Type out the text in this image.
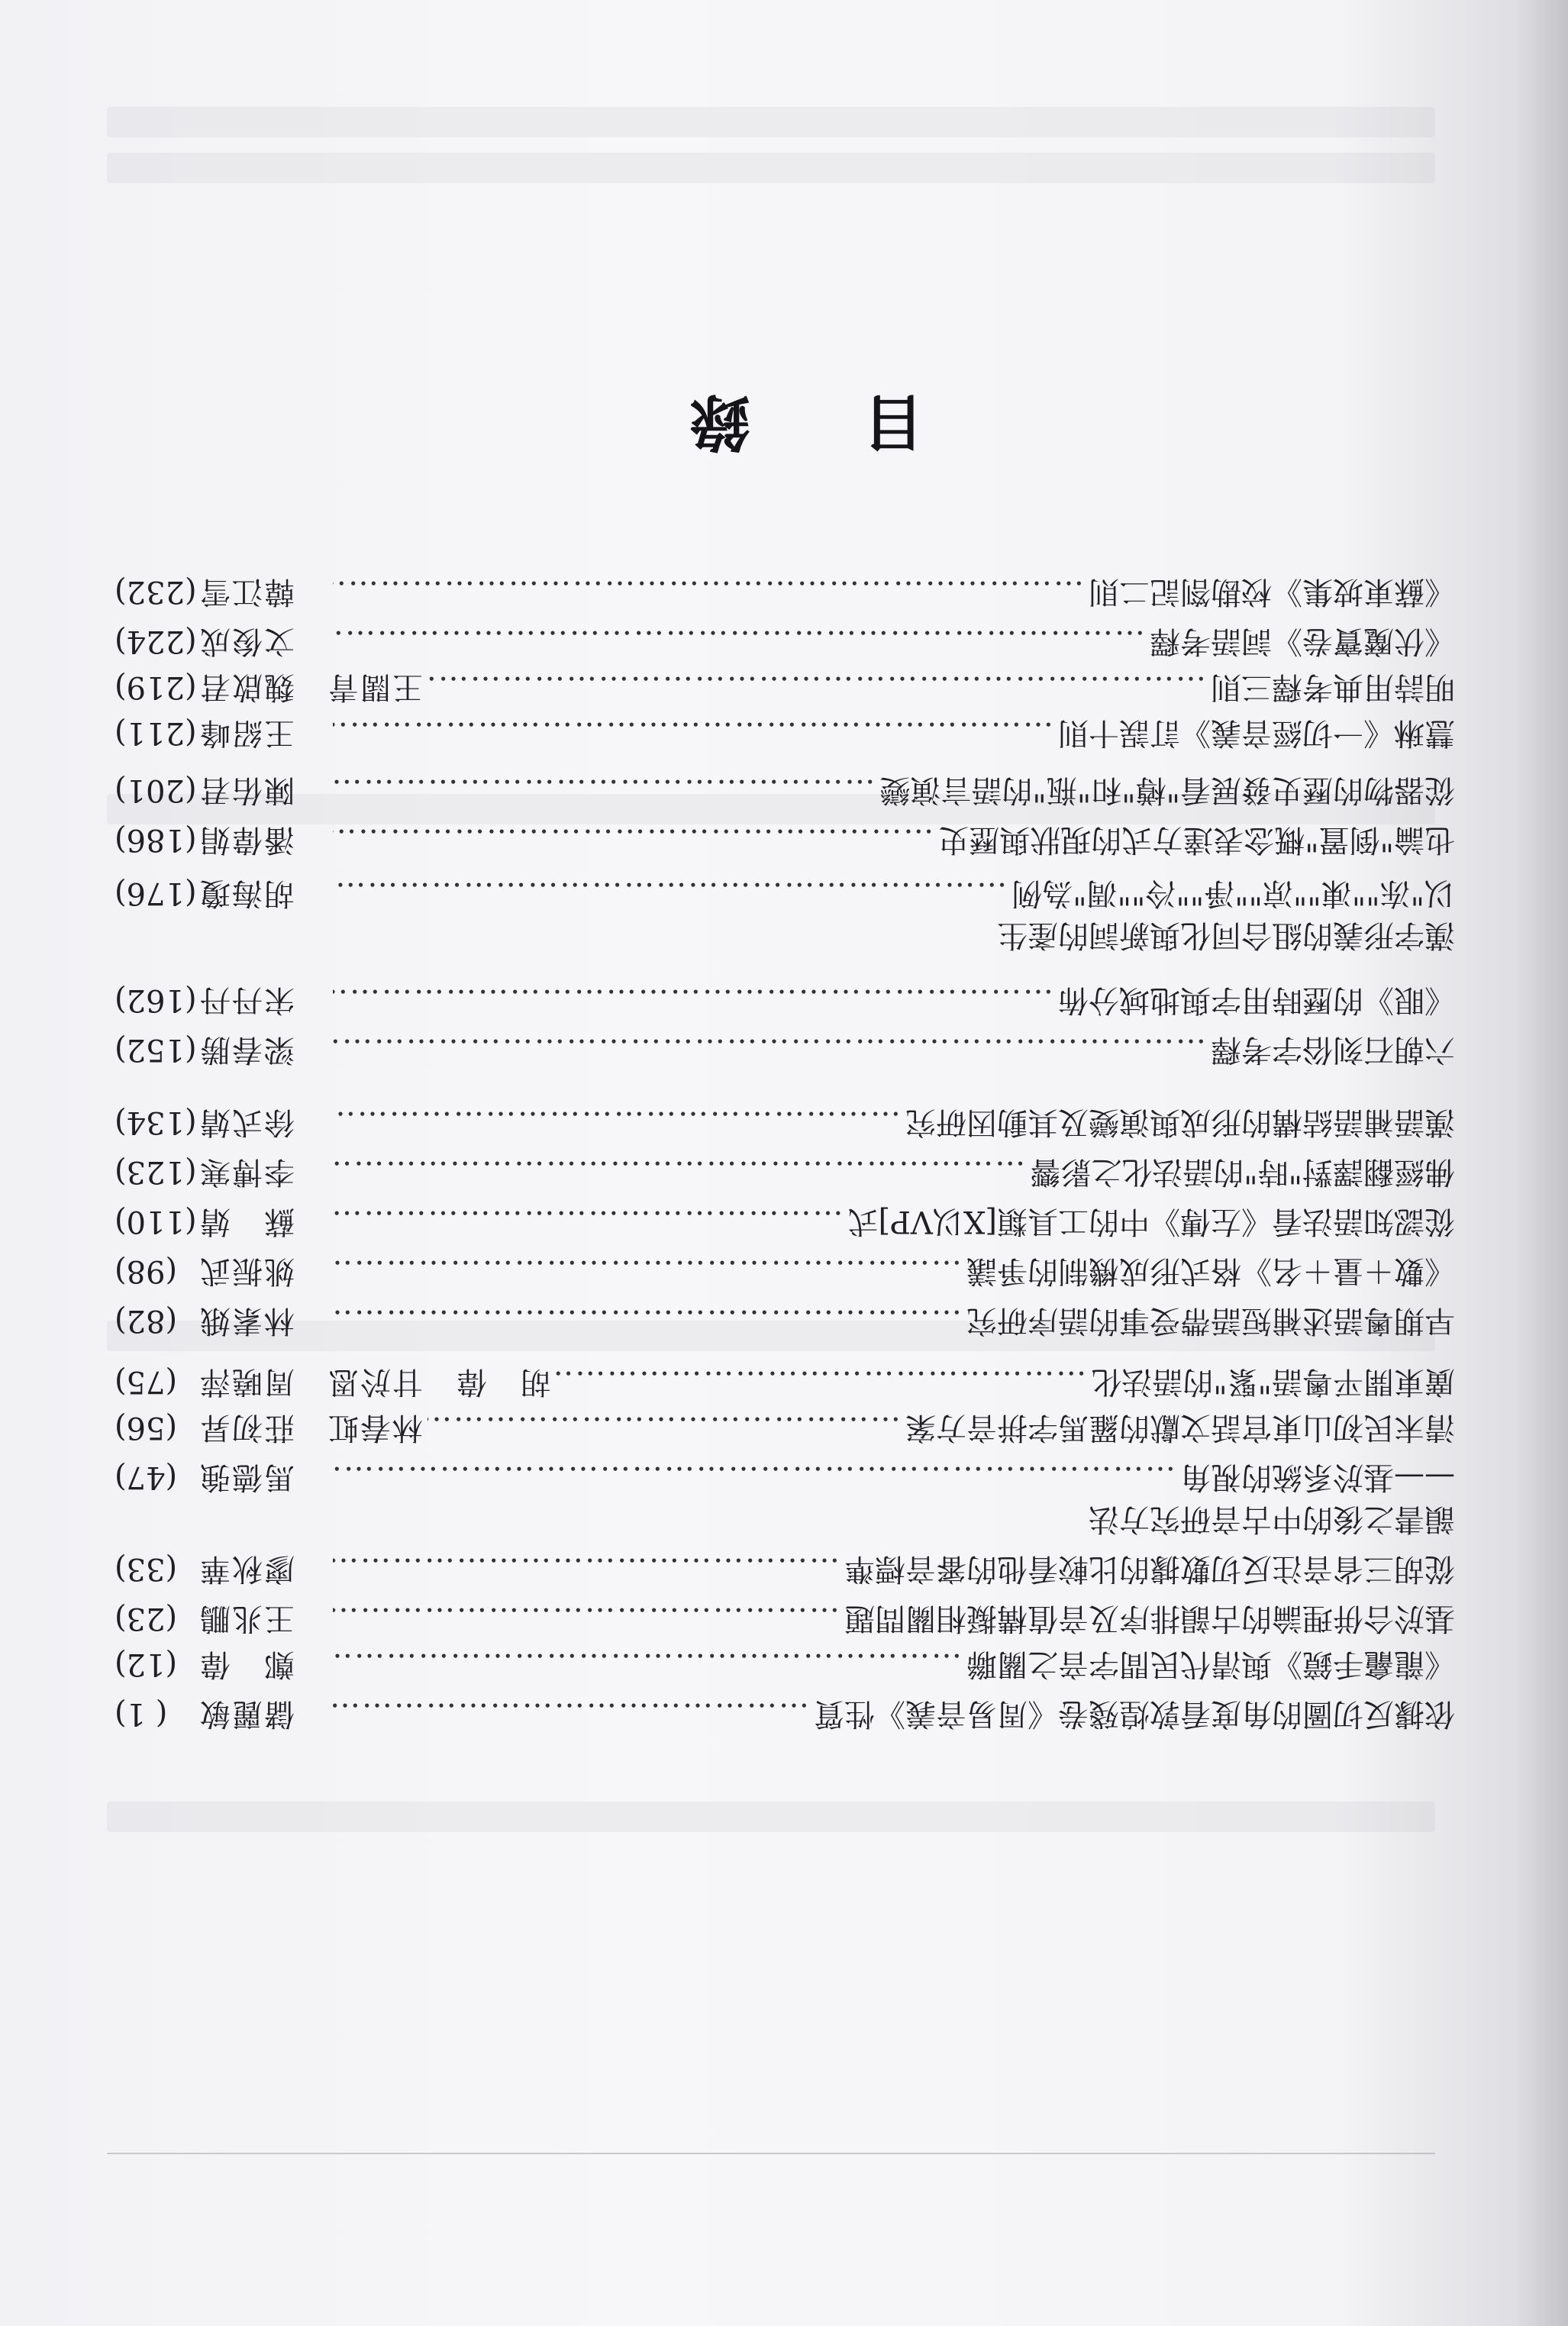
目 錄
依據反切圖的角度看敦煌殘卷《周易音義》性質
…………………………………………………………………………………………………………………………………………………………………………………………
儲麗敏
( 1)
《龍龕手鏡》與清代民間字音之關聯
…………………………………………………………………………………………………………………………………………………………………………………………
鄭　偉
(12)
基於合併理論的古韻排序及音值構擬相關問題
…………………………………………………………………………………………………………………………………………………………………………………………
王兆鵬
(23)
從胡三省音注反切數據的比較看他的審音標準
…………………………………………………………………………………………………………………………………………………………………………………………
廖秋華
(33)
韻書之後的中古音研究方法
——基於系統的視角
…………………………………………………………………………………………………………………………………………………………………………………………
馬德強
(47)
清末民初山東官話文獻的羅馬字拼音方案
…………………………………………………………………………………………………………………………………………………………………………………………
林春虹　莊初昇
(56)
廣東開平粵語"緊"的語法化
…………………………………………………………………………………………………………………………………………………………………………………………
胡　偉　甘於恩　周曉萍
(75)
早期粵語述補短語帶受事的語序研究
…………………………………………………………………………………………………………………………………………………………………………………………
林素娥
(82)
《數＋量＋名》格式形成機制的爭議
…………………………………………………………………………………………………………………………………………………………………………………………
姚振武
(98)
從認知語法看《左傳》中的工具類[X以VP]式
…………………………………………………………………………………………………………………………………………………………………………………………
蘇　婧
(110)
佛經翻譯對"時"的語法化之影響
…………………………………………………………………………………………………………………………………………………………………………………………
李博寒
(123)
漢語補語結構的形成與演變及其動因研究
…………………………………………………………………………………………………………………………………………………………………………………………
徐式婧
(134)
六朝石刻俗字考釋
…………………………………………………………………………………………………………………………………………………………………………………………
梁春勝
(152)
《眼》的歷時用字與地域分佈
…………………………………………………………………………………………………………………………………………………………………………………………
宋丹丹
(162)
漢字形義的組合同化與新詞的產生
以"冻""凍""凉""凈""冷""凋"為例
…………………………………………………………………………………………………………………………………………………………………………………………
胡海瓊
(176)
也論"倒置"概念表達方式的現狀與歷史
…………………………………………………………………………………………………………………………………………………………………………………………
潘偉娟
(186)
從器物的歷史發展看"樽"和"瓶"的語言演變
…………………………………………………………………………………………………………………………………………………………………………………………
陳佑君
(201)
慧琳《一切經音義》訂誤十則
…………………………………………………………………………………………………………………………………………………………………………………………
王紹峰
(211)
明詩用典考釋三則
…………………………………………………………………………………………………………………………………………………………………………………………
王闊青　魏啟君
(219)
《伏魔寶卷》詞語考釋
…………………………………………………………………………………………………………………………………………………………………………………………
文俊成
(224)
《蘇東坡集》校勘劄記二則
…………………………………………………………………………………………………………………………………………………………………………………………
韓江雪
(232)
